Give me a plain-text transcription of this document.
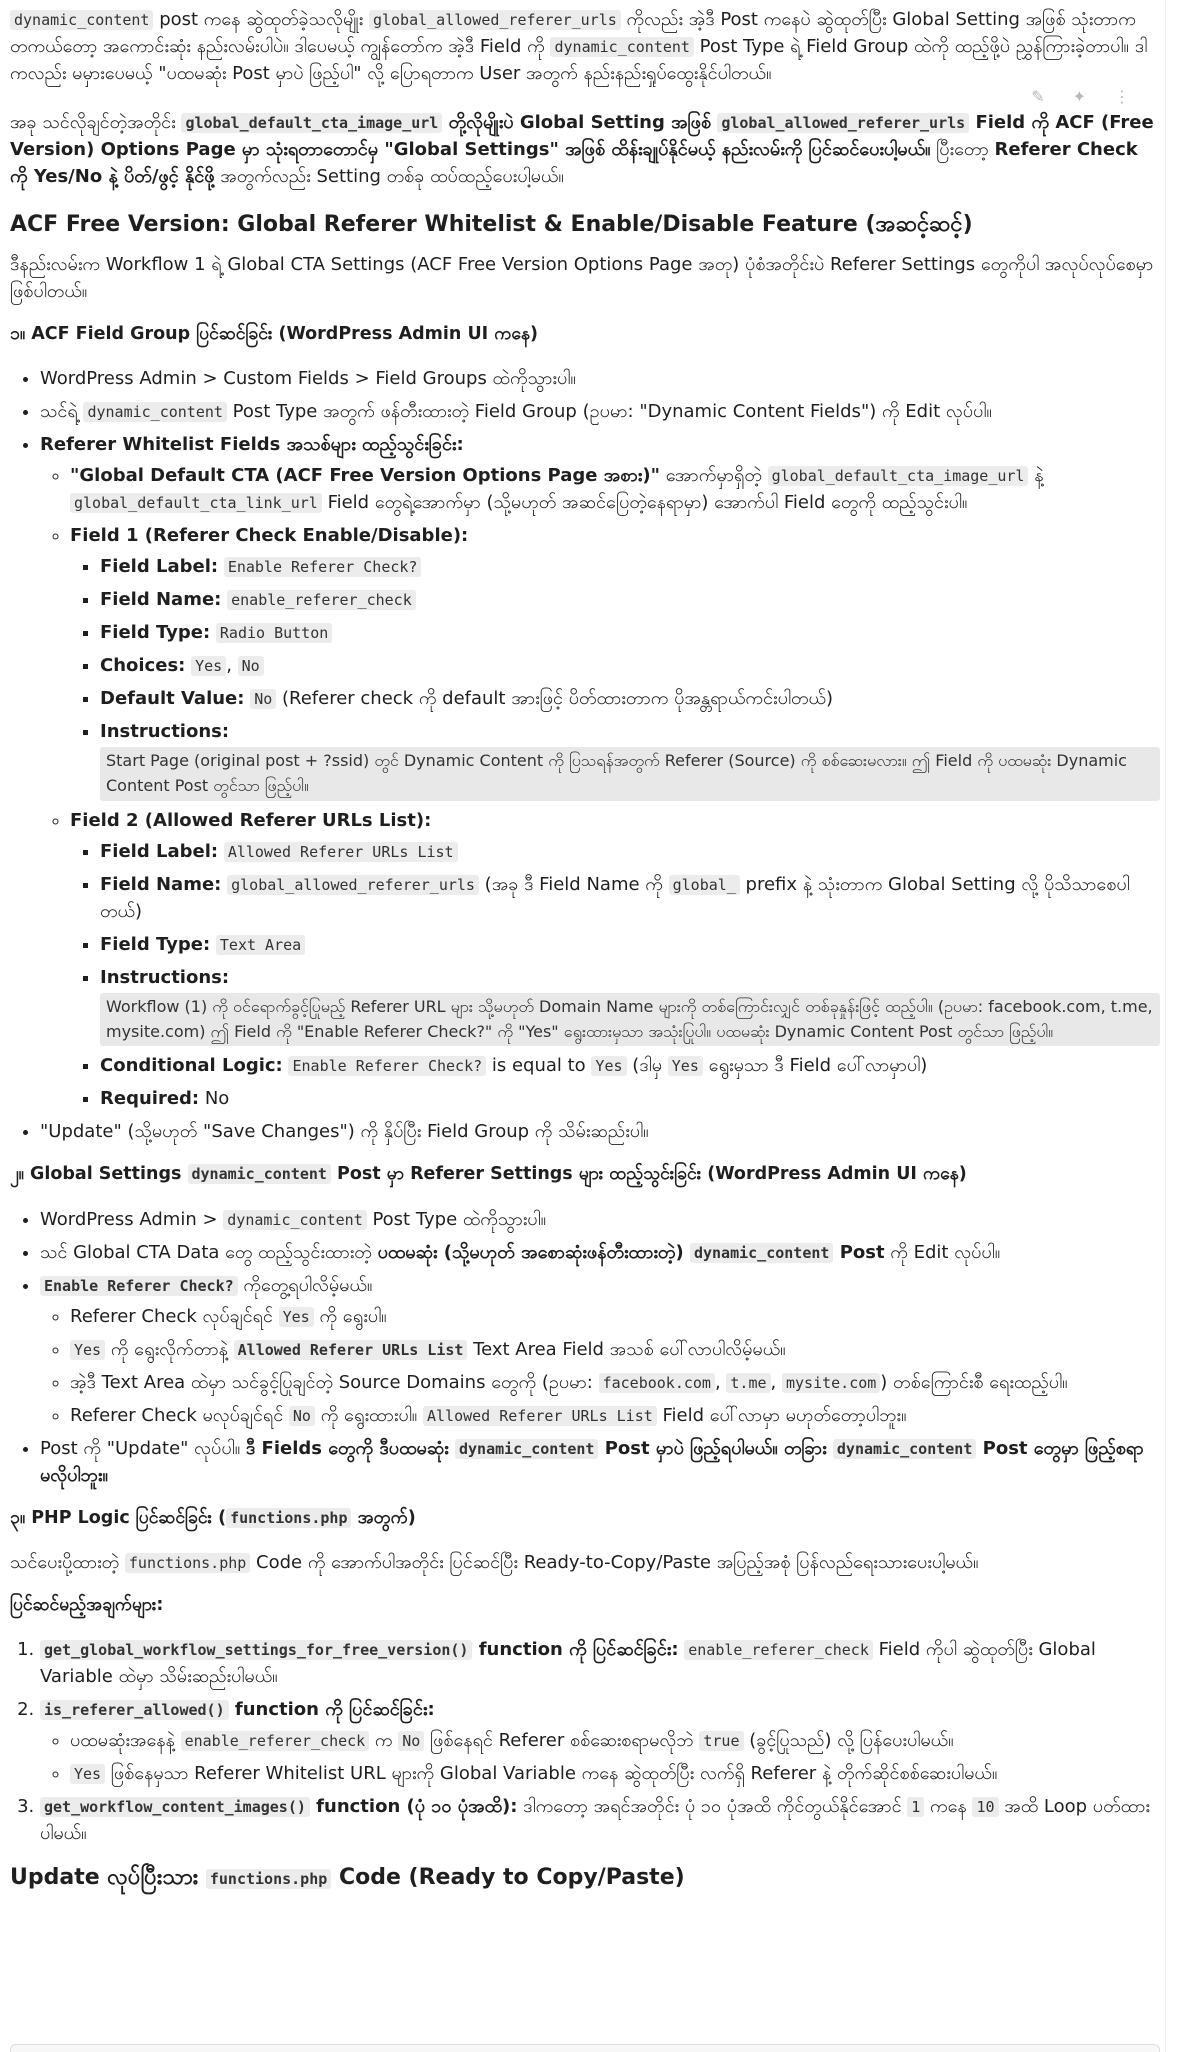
dynamic_content post ကနေ ဆွဲထုတ်ခဲ့သလိုမျိုး global_allowed_referer_urls ကိုလည်း အဲ့ဒီ Post ကနေပဲ ဆွဲထုတ်ပြီး Global Setting အဖြစ် သုံးတာက တကယ်တော့ အကောင်းဆုံး နည်းလမ်းပါပဲ။ ဒါပေမယ့် ကျွန်တော်က အဲ့ဒီ Field ကို dynamic_content Post Type ရဲ့ Field Group ထဲကို ထည့်ဖို့ပဲ ညွှန်ကြားခဲ့တာပါ။ ဒါကလည်း မမှားပေမယ့် "ပထမဆုံး Post မှာပဲ ဖြည့်ပါ" လို့ ပြောရတာက User အတွက် နည်းနည်းရှုပ်ထွေးနိုင်ပါတယ်။

✎ ✦ ⋮

အခု သင်လိုချင်တဲ့အတိုင်း global_default_cta_image_url တို့လိုမျိုးပဲ Global Setting အဖြစ် global_allowed_referer_urls Field ကို ACF (Free Version) Options Page မှာ သုံးရတာတောင်မှ "Global Settings" အဖြစ် ထိန်းချုပ်နိုင်မယ့် နည်းလမ်းကို ပြင်ဆင်ပေးပါ့မယ်။ ပြီးတော့ Referer Check ကို Yes/No နဲ့ ပိတ်/ဖွင့် နိုင်ဖို့ အတွက်လည်း Setting တစ်ခု ထပ်ထည့်ပေးပါ့မယ်။

ACF Free Version: Global Referer Whitelist & Enable/Disable Feature (အဆင့်ဆင့်)

ဒီနည်းလမ်းက Workflow 1 ရဲ့ Global CTA Settings (ACF Free Version Options Page အတု) ပုံစံအတိုင်းပဲ Referer Settings တွေကိုပါ အလုပ်လုပ်စေမှာ ဖြစ်ပါတယ်။

၁။ ACF Field Group ပြင်ဆင်ခြင်း (WordPress Admin UI ကနေ)
• WordPress Admin > Custom Fields > Field Groups ထဲကိုသွားပါ။
• သင်ရဲ့ dynamic_content Post Type အတွက် ဖန်တီးထားတဲ့ Field Group (ဥပမာ: "Dynamic Content Fields") ကို Edit လုပ်ပါ။
• Referer Whitelist Fields အသစ်များ ထည့်သွင်းခြင်း:
◦ "Global Default CTA (ACF Free Version Options Page အစား)" အောက်မှာရှိတဲ့ global_default_cta_image_url နဲ့ global_default_cta_link_url Field တွေရဲ့အောက်မှာ (သို့မဟုတ် အဆင်ပြေတဲ့နေရာမှာ) အောက်ပါ Field တွေကို ထည့်သွင်းပါ။
◦ Field 1 (Referer Check Enable/Disable):
▪ Field Label: Enable Referer Check?
▪ Field Name: enable_referer_check
▪ Field Type: Radio Button
▪ Choices: Yes , No
▪ Default Value: No (Referer check ကို default အားဖြင့် ပိတ်ထားတာက ပိုအန္တရာယ်ကင်းပါတယ်)
▪ Instructions:
Start Page (original post + ?ssid) တွင် Dynamic Content ကို ပြသရန်အတွက် Referer (Source) ကို စစ်ဆေးမလား။ ဤ Field ကို ပထမဆုံး Dynamic Content Post တွင်သာ ဖြည့်ပါ။
◦ Field 2 (Allowed Referer URLs List):
▪ Field Label: Allowed Referer URLs List
▪ Field Name: global_allowed_referer_urls (အခု ဒီ Field Name ကို global_ prefix နဲ့ သုံးတာက Global Setting လို့ ပိုသိသာစေပါတယ်)
▪ Field Type: Text Area
▪ Instructions:
Workflow (1) ကို ဝင်ရောက်ခွင့်ပြုမည့် Referer URL များ သို့မဟုတ် Domain Name များကို တစ်ကြောင်းလျှင် တစ်ခုနှုန်းဖြင့် ထည့်ပါ။ (ဥပမာ: facebook.com, t.me, mysite.com) ဤ Field ကို "Enable Referer Check?" ကို "Yes" ရွေးထားမှသာ အသုံးပြုပါ။ ပထမဆုံး Dynamic Content Post တွင်သာ ဖြည့်ပါ။
▪ Conditional Logic: Enable Referer Check? is equal to Yes (ဒါမှ Yes ရွေးမှသာ ဒီ Field ပေါ်လာမှာပါ)
▪ Required: No
• "Update" (သို့မဟုတ် "Save Changes") ကို နှိပ်ပြီး Field Group ကို သိမ်းဆည်းပါ။
၂။ Global Settings dynamic_content Post မှာ Referer Settings များ ထည့်သွင်းခြင်း (WordPress Admin UI ကနေ)
• WordPress Admin > dynamic_content Post Type ထဲကိုသွားပါ။
• သင် Global CTA Data တွေ ထည့်သွင်းထားတဲ့ ပထမဆုံး (သို့မဟုတ် အစောဆုံးဖန်တီးထားတဲ့) dynamic_content Post ကို Edit လုပ်ပါ။
• Enable Referer Check? ကိုတွေ့ရပါလိမ့်မယ်။
◦ Referer Check လုပ်ချင်ရင် Yes ကို ရွေးပါ။
◦ Yes ကို ရွေးလိုက်တာနဲ့ Allowed Referer URLs List Text Area Field အသစ် ပေါ်လာပါလိမ့်မယ်။
◦ အဲ့ဒီ Text Area ထဲမှာ သင်ခွင့်ပြုချင်တဲ့ Source Domains တွေကို (ဥပမာ: facebook.com , t.me , mysite.com ) တစ်ကြောင်းစီ ရေးထည့်ပါ။
◦ Referer Check မလုပ်ချင်ရင် No ကို ရွေးထားပါ။ Allowed Referer URLs List Field ပေါ်လာမှာ မဟုတ်တော့ပါဘူး။
• Post ကို "Update" လုပ်ပါ။ ဒီ Fields တွေကို ဒီပထမဆုံး dynamic_content Post မှာပဲ ဖြည့်ရပါမယ်။ တခြား dynamic_content Post တွေမှာ ဖြည့်စရာ မလိုပါဘူး။
၃။ PHP Logic ပြင်ဆင်ခြင်း ( functions.php အတွက်)

သင်ပေးပို့ထားတဲ့ functions.php Code ကို အောက်ပါအတိုင်း ပြင်ဆင်ပြီး Ready-to-Copy/Paste အပြည့်အစုံ ပြန်လည်ရေးသားပေးပါ့မယ်။

ပြင်ဆင်မည့်အချက်များ:
1. get_global_workflow_settings_for_free_version() function ကို ပြင်ဆင်ခြင်း: enable_referer_check Field ကိုပါ ဆွဲထုတ်ပြီး Global Variable ထဲမှာ သိမ်းဆည်းပါမယ်။
2. is_referer_allowed() function ကို ပြင်ဆင်ခြင်း:
◦ ပထမဆုံးအနေနဲ့ enable_referer_check က No ဖြစ်နေရင် Referer စစ်ဆေးစရာမလိုဘဲ true (ခွင့်ပြုသည်) လို့ ပြန်ပေးပါမယ်။
◦ Yes ဖြစ်နေမှသာ Referer Whitelist URL များကို Global Variable ကနေ ဆွဲထုတ်ပြီး လက်ရှိ Referer နဲ့ တိုက်ဆိုင်စစ်ဆေးပါမယ်။
3. get_workflow_content_images() function (ပုံ ၁၀ ပုံအထိ): ဒါကတော့ အရင်အတိုင်း ပုံ ၁၀ ပုံအထိ ကိုင်တွယ်နိုင်အောင် 1 ကနေ 10 အထိ Loop ပတ်ထားပါမယ်။
Update လုပ်ပြီးသား functions.php Code (Ready to Copy/Paste)
